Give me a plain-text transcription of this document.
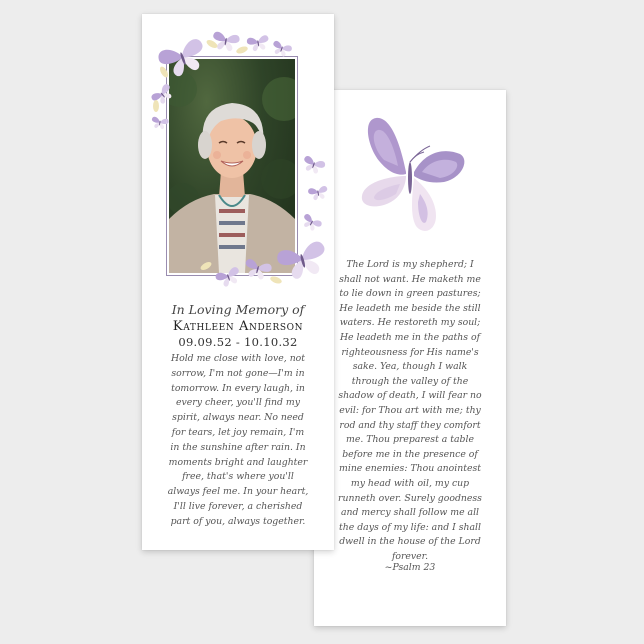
In Loving Memory of
Kathleen Anderson
09.09.52 - 10.10.32
Hold me close with love, not
sorrow, I'm not gone—I'm in
tomorrow. In every laugh, in
every cheer, you'll find my
spirit, always near. No need
for tears, let joy remain, I'm
in the sunshine after rain. In
moments bright and laughter
free, that's where you'll
always feel me. In your heart,
I'll live forever, a cherished
part of you, always together.
The Lord is my shepherd; I
shall not want. He maketh me
to lie down in green pastures;
He leadeth me beside the still
waters. He restoreth my soul;
He leadeth me in the paths of
righteousness for His name's
sake. Yea, though I walk
through the valley of the
shadow of death, I will fear no
evil: for Thou art with me; thy
rod and thy staff they comfort
me. Thou preparest a table
before me in the presence of
mine enemies: Thou anointest
my head with oil, my cup
runneth over. Surely goodness
and mercy shall follow me all
the days of my life: and I shall
dwell in the house of the Lord
forever.
~Psalm 23
